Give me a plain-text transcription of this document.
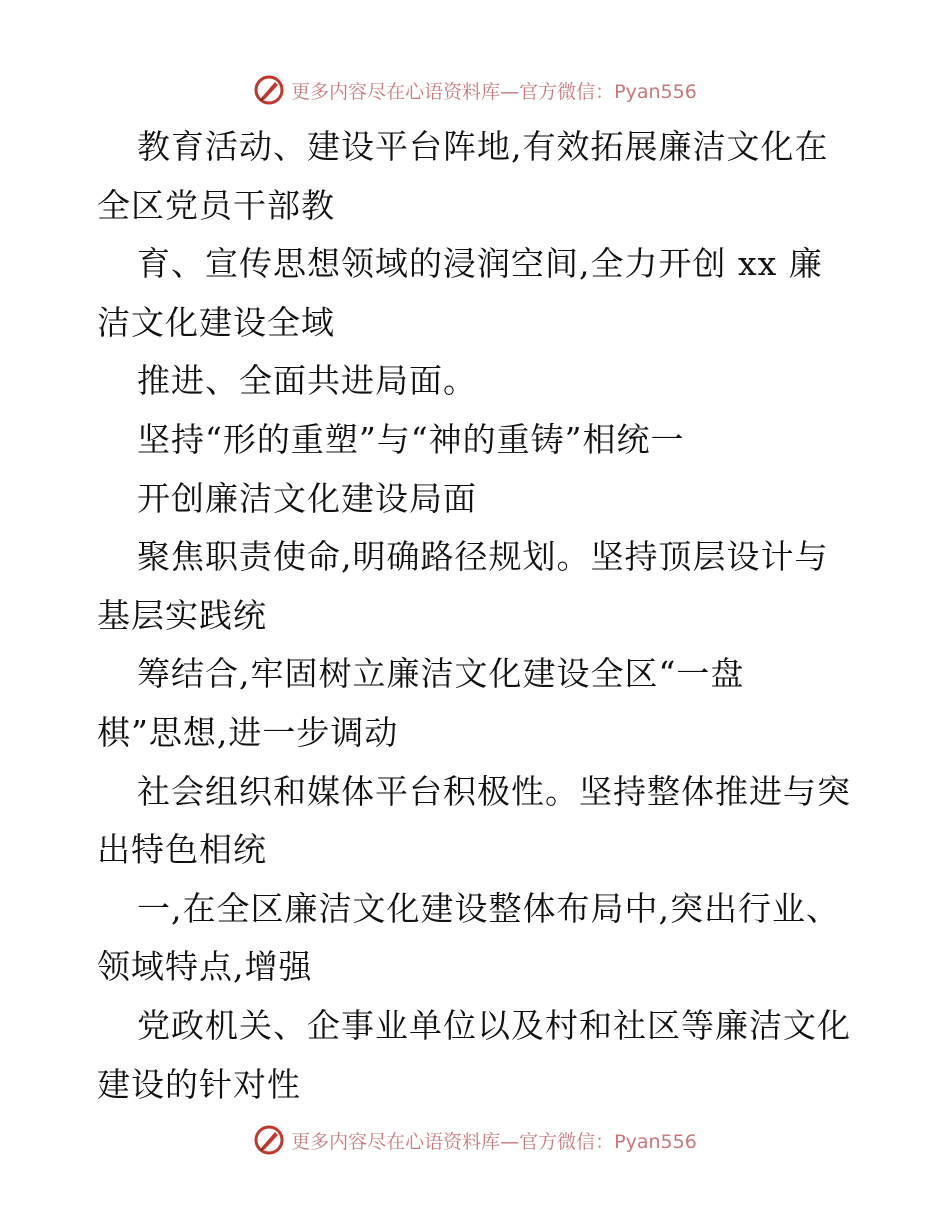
更多内容尽在心语资料库—官方微信：Pyan556
教育活动、建设平台阵地,有效拓展廉洁文化在
全区党员干部教
育、宣传思想领域的浸润空间,全力开创 xx 廉
洁文化建设全域
推进、全面共进局面。
坚持“形的重塑”与“神的重铸”相统一
开创廉洁文化建设局面
聚焦职责使命,明确路径规划。坚持顶层设计与
基层实践统
筹结合,牢固树立廉洁文化建设全区“一盘
棋”思想,进一步调动
社会组织和媒体平台积极性。坚持整体推进与突
出特色相统
一,在全区廉洁文化建设整体布局中,突出行业、
领域特点,增强
党政机关、企事业单位以及村和社区等廉洁文化
建设的针对性
更多内容尽在心语资料库—官方微信：Pyan556
